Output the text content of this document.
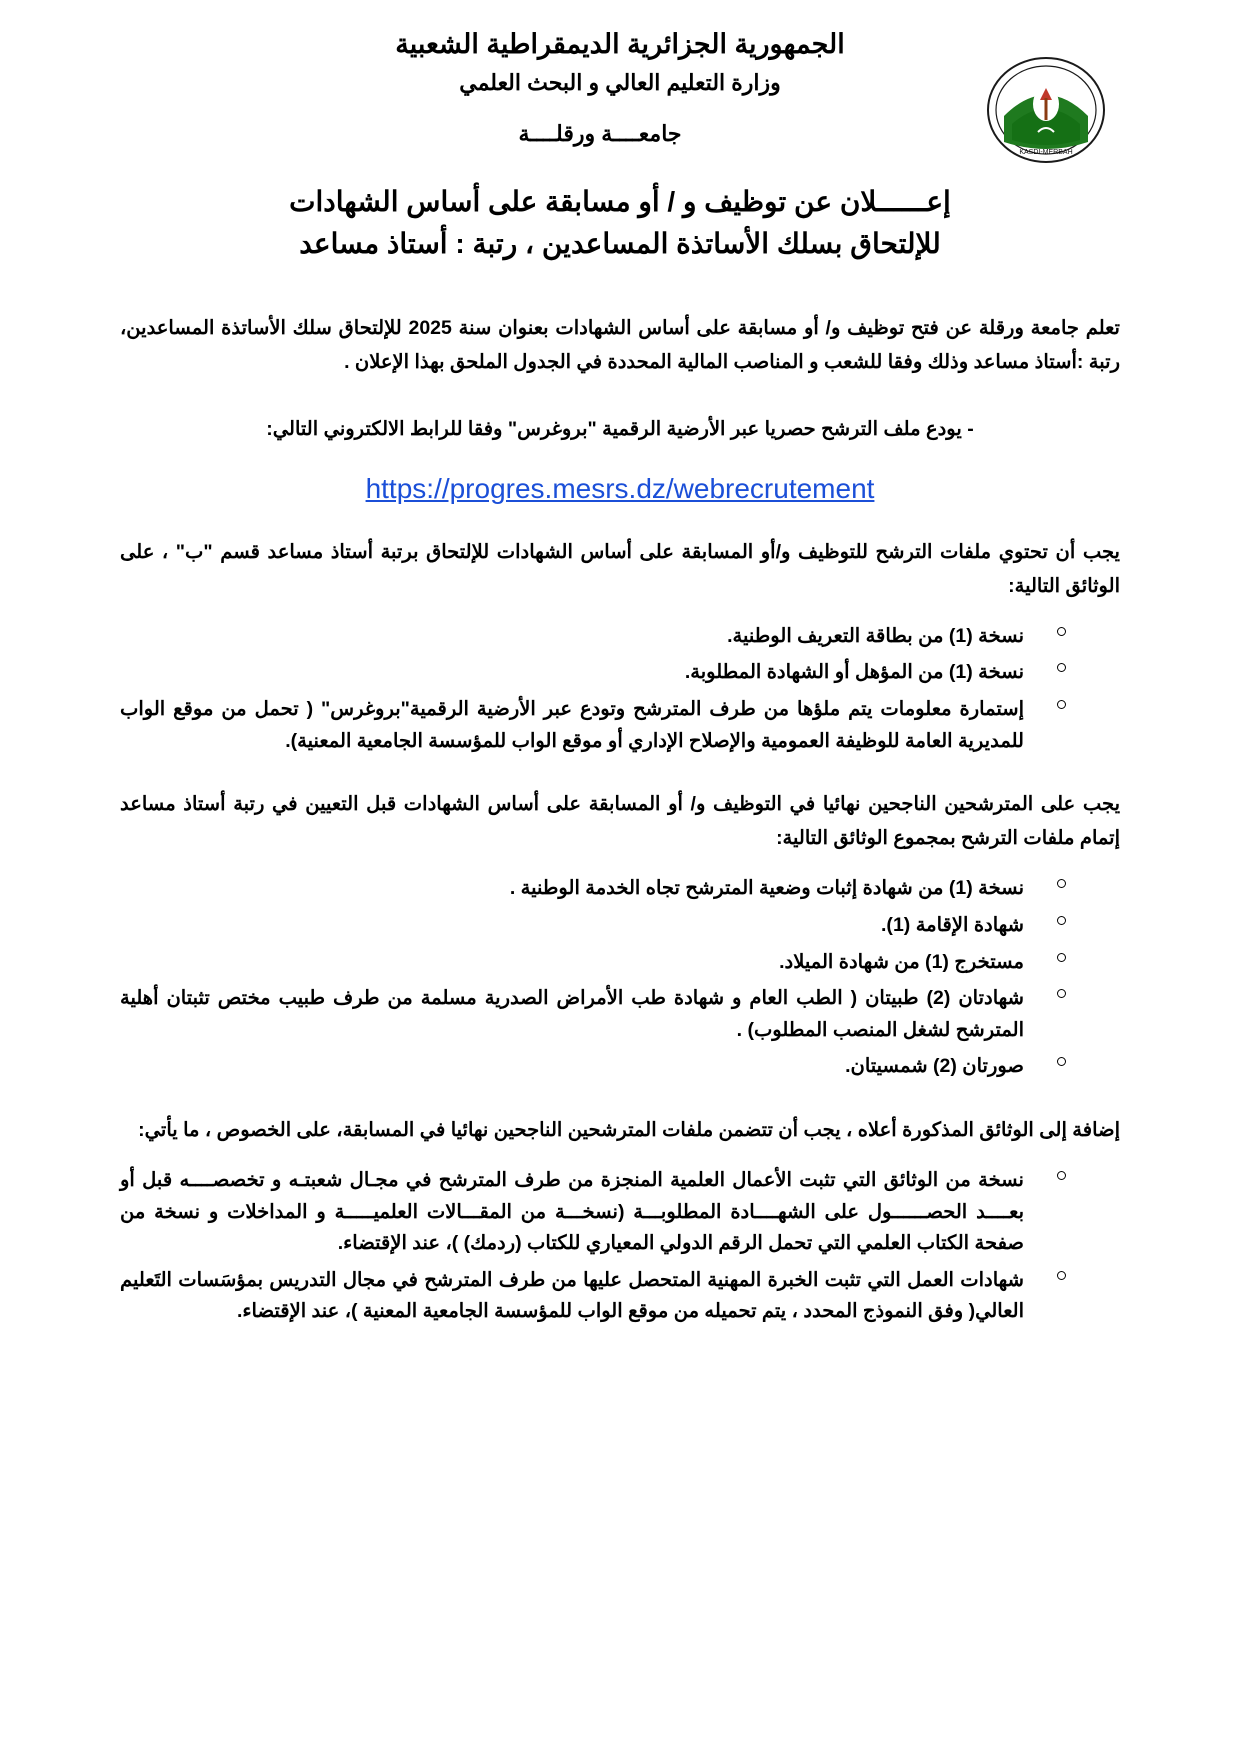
KASDI-MERBAH
الجمهورية الجزائرية الديمقراطية الشعبية
وزارة التعليم العالي و البحث العلمي
جامعــــة ورقلــــة
إعــــــلان عن توظيف و / أو مسابقة على أساس الشهادات
للإلتحاق بسلك الأساتذة المساعدين ، رتبة : أستاذ مساعد
تعلم جامعة ورقلة عن فتح توظيف و/ أو مسابقة على أساس الشهادات بعنوان سنة 2025 للإلتحاق سلك الأساتذة المساعدين، رتبة :أستاذ مساعد وذلك وفقا للشعب و المناصب المالية المحددة في الجدول الملحق بهذا الإعلان .
- يودع ملف الترشح حصريا عبر الأرضية الرقمية "بروغرس" وفقا للرابط الالكتروني التالي:
https://progres.mesrs.dz/webrecrutement
يجب أن تحتوي ملفات الترشح للتوظيف و/أو المسابقة على أساس الشهادات للإلتحاق برتبة أستاذ مساعد قسم "ب" ، على الوثائق التالية:
نسخة (1) من بطاقة التعريف الوطنية.
نسخة (1) من المؤهل أو الشهادة المطلوبة.
إستمارة معلومات يتم ملؤها من طرف المترشح وتودع عبر الأرضية الرقمية"بروغرس" ( تحمل من موقع الواب للمديرية العامة للوظيفة العمومية والإصلاح الإداري أو موقع الواب للمؤسسة الجامعية المعنية).
يجب على المترشحين الناجحين نهائيا في التوظيف و/ أو المسابقة على أساس الشهادات قبل التعيين في رتبة أستاذ مساعد إتمام ملفات الترشح بمجموع الوثائق التالية:
نسخة (1) من شهادة إثبات وضعية المترشح تجاه الخدمة الوطنية .
شهادة الإقامة (1).
مستخرج (1) من شهادة الميلاد.
شهادتان (2) طبيتان ( الطب العام و شهادة طب الأمراض الصدرية مسلمة من طرف طبيب مختص تثبتان أهلية المترشح لشغل المنصب المطلوب) .
صورتان (2) شمسيتان.
إضافة إلى الوثائق المذكورة أعلاه ، يجب أن تتضمن ملفات المترشحين الناجحين نهائيا في المسابقة، على الخصوص ، ما يأتي:
نسخة من الوثائق التي تثبت الأعمال العلمية المنجزة من طرف المترشح في مجـال شعبتـه و تخصصــــه قبل أو بعــــد الحصــــــول على الشهــــادة المطلوبـــة (نسخـــة من المقـــالات العلميـــــة و المداخلات و نسخة من صفحة الكتاب العلمي التي تحمل الرقم الدولي المعياري للكتاب (ردمك) )، عند الإقتضاء.
شهادات العمل التي تثبت الخبرة المهنية المتحصل عليها من طرف المترشح في مجال التدريس بمؤسَسات التَعليم العالي( وفق النموذج المحدد ، يتم تحميله من موقع الواب للمؤسسة الجامعية المعنية )، عند الإقتضاء.
